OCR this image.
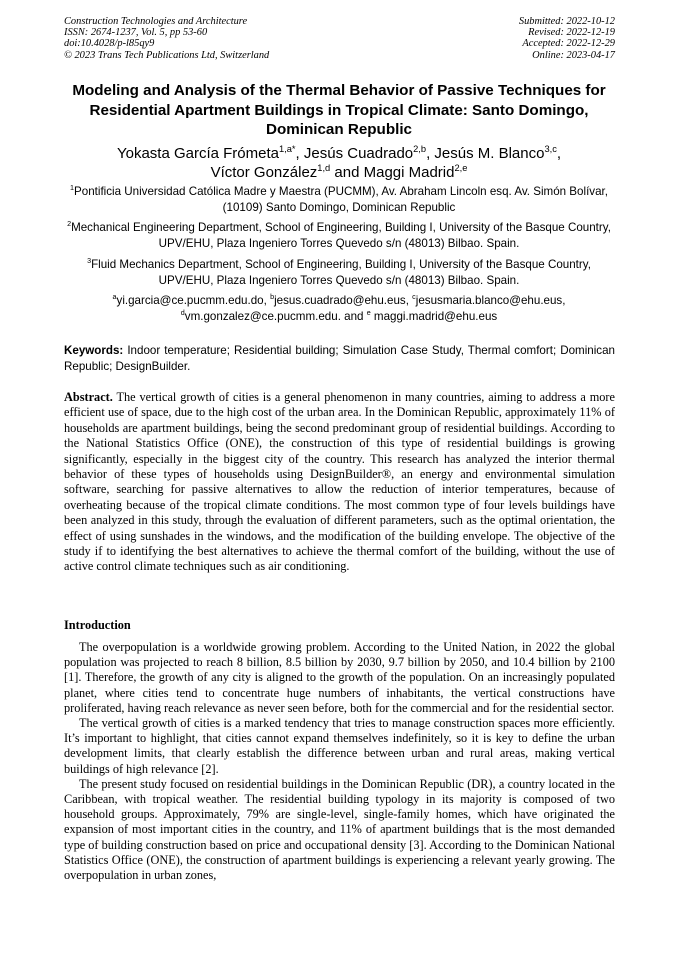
Construction Technologies and Architecture
ISSN: 2674-1237, Vol. 5, pp 53-60
doi:10.4028/p-l85qy9
© 2023 Trans Tech Publications Ltd, Switzerland
Submitted: 2022-10-12
Revised: 2022-12-19
Accepted: 2022-12-29
Online: 2023-04-17
Modeling and Analysis of the Thermal Behavior of Passive Techniques for Residential Apartment Buildings in Tropical Climate: Santo Domingo, Dominican Republic
Yokasta García Frómeta$^{1,a*}$, Jesús Cuadrado$^{2,b}$, Jesús M. Blanco$^{3,c}$,
Víctor González$^{1,d}$ and Maggi Madrid$^{2,e}$
$^1$Pontificia Universidad Católica Madre y Maestra (PUCMM), Av. Abraham Lincoln esq. Av. Simón Bolívar, (10109) Santo Domingo, Dominican Republic
$^2$Mechanical Engineering Department, School of Engineering, Building I, University of the Basque Country, UPV/EHU, Plaza Ingeniero Torres Quevedo s/n (48013) Bilbao. Spain.
$^3$Fluid Mechanics Department, School of Engineering, Building I, University of the Basque Country, UPV/EHU, Plaza Ingeniero Torres Quevedo s/n (48013) Bilbao. Spain.
$^a$yi.garcia@ce.pucmm.edu.do, $^b$jesus.cuadrado@ehu.eus, $^c$jesusmaria.blanco@ehu.eus,
$^d$vm.gonzalez@ce.pucmm.edu. and $^e$ maggi.madrid@ehu.eus
Keywords: Indoor temperature; Residential building; Simulation Case Study, Thermal comfort; Dominican Republic; DesignBuilder.
Abstract. The vertical growth of cities is a general phenomenon in many countries, aiming to address a more efficient use of space, due to the high cost of the urban area. In the Dominican Republic, approximately 11% of households are apartment buildings, being the second predominant group of residential buildings. According to the National Statistics Office (ONE), the construction of this type of residential buildings is growing significantly, especially in the biggest city of the country. This research has analyzed the interior thermal behavior of these types of households using DesignBuilder®, an energy and environmental simulation software, searching for passive alternatives to allow the reduction of interior temperatures, because of overheating because of the tropical climate conditions. The most common type of four levels buildings have been analyzed in this study, through the evaluation of different parameters, such as the optimal orientation, the effect of using sunshades in the windows, and the modification of the building envelope. The objective of the study if to identifying the best alternatives to achieve the thermal comfort of the building, without the use of active control climate techniques such as air conditioning.
Introduction

The overpopulation is a worldwide growing problem. According to the United Nation, in 2022 the global population was projected to reach 8 billion, 8.5 billion by 2030, 9.7 billion by 2050, and 10.4 billion by 2100 [1]. Therefore, the growth of any city is aligned to the growth of the population. On an increasingly populated planet, where cities tend to concentrate huge numbers of inhabitants, the vertical constructions have proliferated, having reach relevance as never seen before, both for the commercial and for the residential sector.

The vertical growth of cities is a marked tendency that tries to manage construction spaces more efficiently. It’s important to highlight, that cities cannot expand themselves indefinitely, so it is key to define the urban development limits, that clearly establish the difference between urban and rural areas, making vertical buildings of high relevance [2].

The present study focused on residential buildings in the Dominican Republic (DR), a country located in the Caribbean, with tropical weather. The residential building typology in its majority is composed of two household groups. Approximately, 79% are single-level, single-family homes, which have originated the expansion of most important cities in the country, and 11% of apartment buildings that is the most demanded type of building construction based on price and occupational density [3]. According to the Dominican National Statistics Office (ONE), the construction of apartment buildings is experiencing a relevant yearly growing. The overpopulation in urban zones,
